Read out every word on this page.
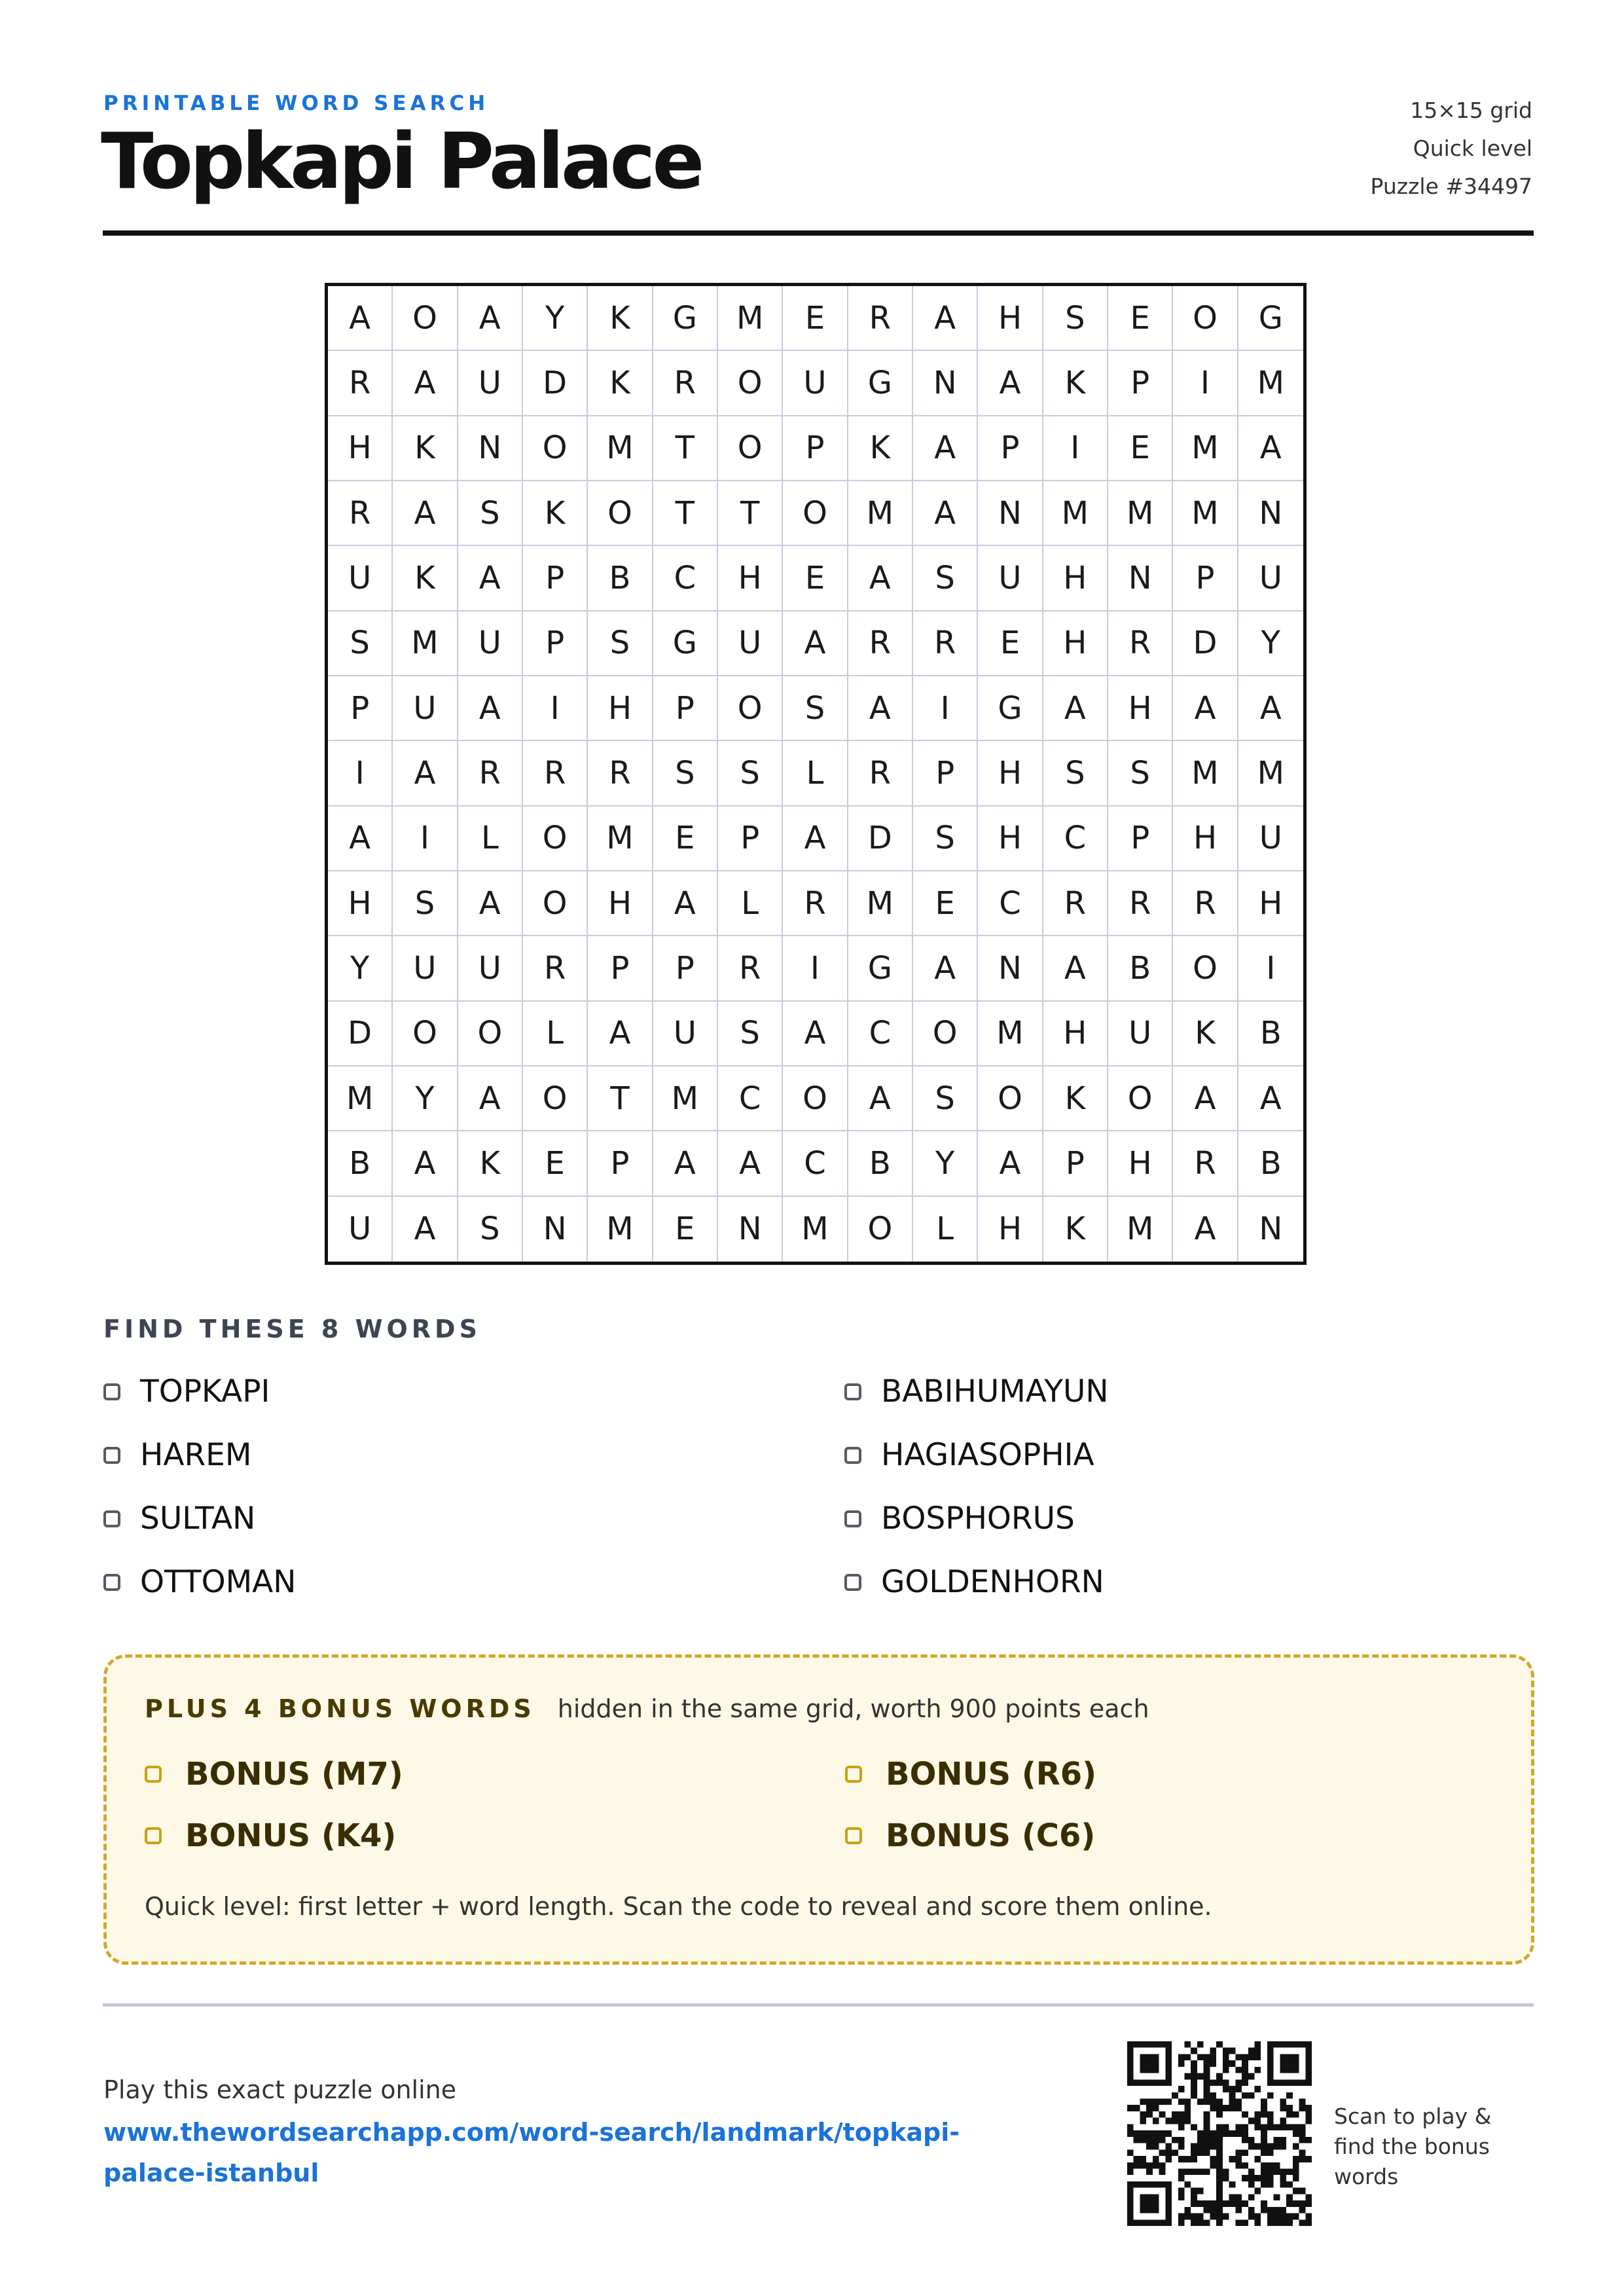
PRINTABLE WORD SEARCH
Topkapi Palace
15×15 grid
Quick level
Puzzle #34497
A	O	A	Y	K	G	M	E	R	A	H	S	E	O	G
R	A	U	D	K	R	O	U	G	N	A	K	P	I	M
H	K	N	O	M	T	O	P	K	A	P	I	E	M	A
R	A	S	K	O	T	T	O	M	A	N	M	M	M	N
U	K	A	P	B	C	H	E	A	S	U	H	N	P	U
S	M	U	P	S	G	U	A	R	R	E	H	R	D	Y
P	U	A	I	H	P	O	S	A	I	G	A	H	A	A
I	A	R	R	R	S	S	L	R	P	H	S	S	M	M
A	I	L	O	M	E	P	A	D	S	H	C	P	H	U
H	S	A	O	H	A	L	R	M	E	C	R	R	R	H
Y	U	U	R	P	P	R	I	G	A	N	A	B	O	I
D	O	O	L	A	U	S	A	C	O	M	H	U	K	B
M	Y	A	O	T	M	C	O	A	S	O	K	O	A	A
B	A	K	E	P	A	A	C	B	Y	A	P	H	R	B
U	A	S	N	M	E	N	M	O	L	H	K	M	A	N
FIND THESE 8 WORDS
TOPKAPI
HAREM
SULTAN
OTTOMAN
BABIHUMAYUN
HAGIASOPHIA
BOSPHORUS
GOLDENHORN
PLUS 4 BONUS WORDS hidden in the same grid, worth 900 points each
BONUS (M7)	BONUS (R6)
BONUS (K4)	BONUS (C6)
Quick level: first letter + word length. Scan the code to reveal and score them online.
Play this exact puzzle online
www.thewordsearchapp.com/word-search/landmark/topkapi-palace-istanbul
Scan to play & find the bonus words
